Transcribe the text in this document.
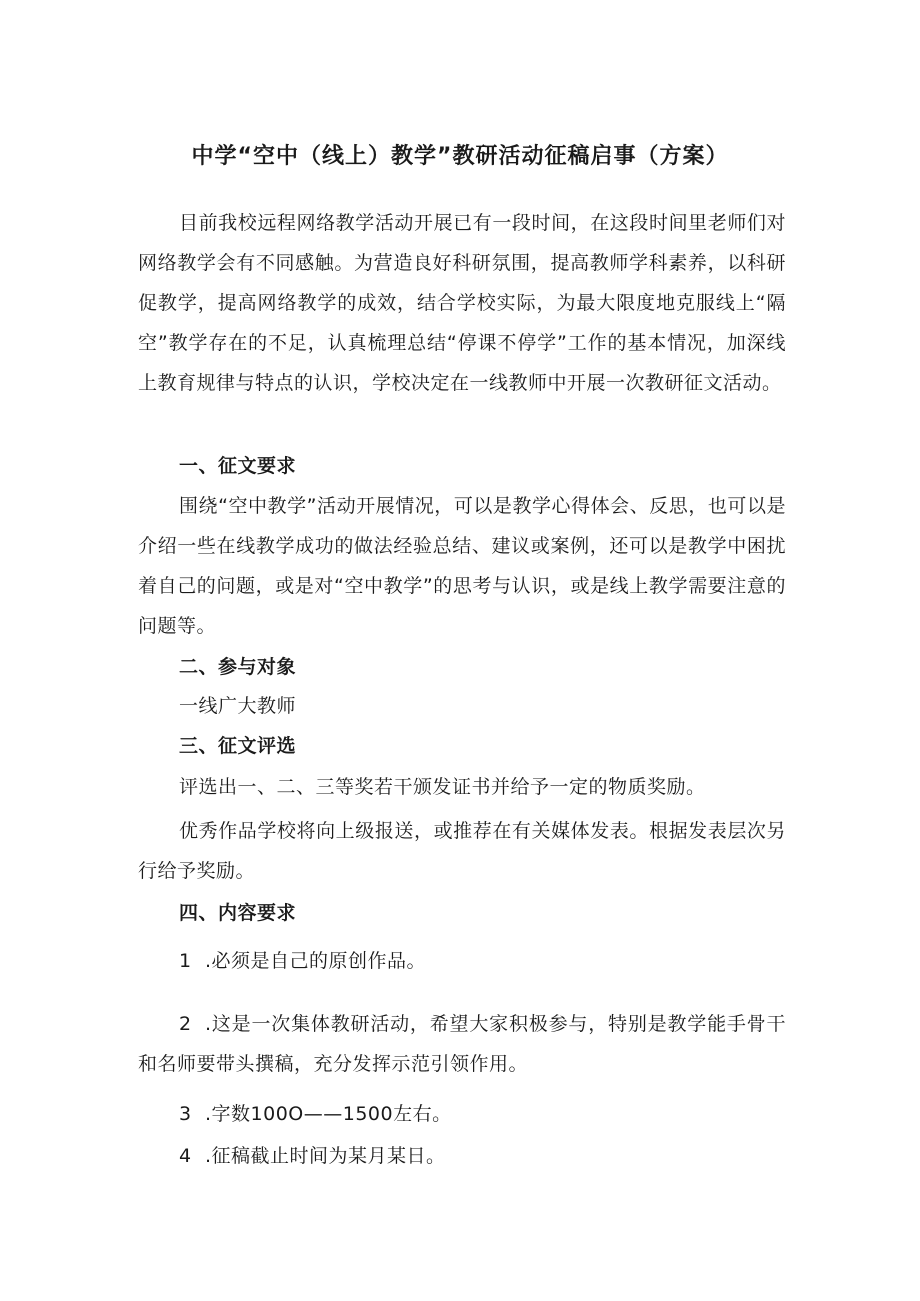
中学“空中（线上）教学”教研活动征稿启事（方案）
目前我校远程网络教学活动开展已有一段时间，在这段时间里老师们对网络教学会有不同感触。为营造良好科研氛围，提高教师学科素养，以科研促教学，提高网络教学的成效，结合学校实际，为最大限度地克服线上“隔空”教学存在的不足，认真梳理总结“停课不停学”工作的基本情况，加深线上教育规律与特点的认识，学校决定在一线教师中开展一次教研征文活动。
一、征文要求
围绕“空中教学”活动开展情况，可以是教学心得体会、反思，也可以是介绍一些在线教学成功的做法经验总结、建议或案例，还可以是教学中困扰着自己的问题，或是对“空中教学”的思考与认识，或是线上教学需要注意的问题等。
二、参与对象
一线广大教师
三、征文评选
评选出一、二、三等奖若干颁发证书并给予一定的物质奖励。
优秀作品学校将向上级报送，或推荐在有关媒体发表。根据发表层次另行给予奖励。
四、内容要求
1 .必须是自己的原创作品。
2 .这是一次集体教研活动，希望大家积极参与，特别是教学能手骨干和名师要带头撰稿，充分发挥示范引领作用。
3 .字数100O——1500左右。
4 .征稿截止时间为某月某日。
